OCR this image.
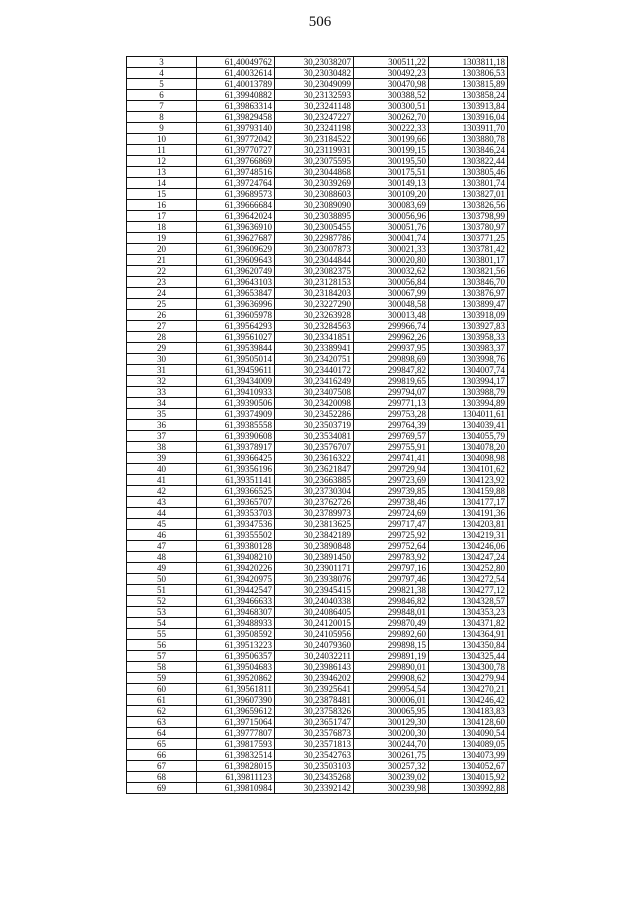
506
3	61,40049762	30,23038207	300511,22	1303811,18
4	61,40032614	30,23030482	300492,23	1303806,53
5	61,40013789	30,23049099	300470,98	1303815,89
6	61,39940882	30,23132593	300388,52	1303858,24
7	61,39863314	30,23241148	300300,51	1303913,84
8	61,39829458	30,23247227	300262,70	1303916,04
9	61,39793140	30,23241198	300222,33	1303911,70
10	61,39772042	30,23184522	300199,66	1303880,78
11	61,39770727	30,23119931	300199,15	1303846,24
12	61,39766869	30,23075595	300195,50	1303822,44
13	61,39748516	30,23044868	300175,51	1303805,46
14	61,39724764	30,23039269	300149,13	1303801,74
15	61,39689573	30,23088603	300109,20	1303827,01
16	61,39666684	30,23089090	300083,69	1303826,56
17	61,39642024	30,23038895	300056,96	1303798,99
18	61,39636910	30,23005455	300051,76	1303780,97
19	61,39627687	30,22987786	300041,74	1303771,25
20	61,39609629	30,23007873	300021,33	1303781,42
21	61,39609643	30,23044844	300020,80	1303801,17
22	61,39620749	30,23082375	300032,62	1303821,56
23	61,39643103	30,23128153	300056,84	1303846,70
24	61,39653847	30,23184203	300067,99	1303876,97
25	61,39636996	30,23227290	300048,58	1303899,47
26	61,39605978	30,23263928	300013,48	1303918,09
27	61,39564293	30,23284563	299966,74	1303927,83
28	61,39561027	30,23341851	299962,26	1303958,33
29	61,39539844	30,23389941	299937,95	1303983,37
30	61,39505014	30,23420751	299898,69	1303998,76
31	61,39459611	30,23440172	299847,82	1304007,74
32	61,39434009	30,23416249	299819,65	1303994,17
33	61,39410933	30,23407508	299794,07	1303988,79
34	61,39390506	30,23420098	299771,13	1303994,89
35	61,39374909	30,23452286	299753,28	1304011,61
36	61,39385558	30,23503719	299764,39	1304039,41
37	61,39390608	30,23534081	299769,57	1304055,79
38	61,39378917	30,23576707	299755,91	1304078,20
39	61,39366425	30,23616322	299741,41	1304098,98
40	61,39356196	30,23621847	299729,94	1304101,62
41	61,39351141	30,23663885	299723,69	1304123,92
42	61,39366525	30,23730304	299739,85	1304159,88
43	61,39365707	30,23762726	299738,46	1304177,17
44	61,39353703	30,23789973	299724,69	1304191,36
45	61,39347536	30,23813625	299717,47	1304203,81
46	61,39355502	30,23842189	299725,92	1304219,31
47	61,39380128	30,23890848	299752,64	1304246,06
48	61,39408210	30,23891450	299783,92	1304247,24
49	61,39420226	30,23901171	299797,16	1304252,80
50	61,39420975	30,23938076	299797,46	1304272,54
51	61,39442547	30,23945415	299821,38	1304277,12
52	61,39466633	30,24040338	299846,82	1304328,57
53	61,39468307	30,24086405	299848,01	1304353,23
54	61,39488933	30,24120015	299870,49	1304371,82
55	61,39508592	30,24105956	299892,60	1304364,91
56	61,39513223	30,24079360	299898,15	1304350,84
57	61,39506357	30,24032211	299891,19	1304325,44
58	61,39504683	30,23986143	299890,01	1304300,78
59	61,39520862	30,23946202	299908,62	1304279,94
60	61,39561811	30,23925641	299954,54	1304270,21
61	61,39607390	30,23878481	300006,01	1304246,42
62	61,39659612	30,23758326	300065,95	1304183,83
63	61,39715064	30,23651747	300129,30	1304128,60
64	61,39777807	30,23576873	300200,30	1304090,54
65	61,39817593	30,23571813	300244,70	1304089,05
66	61,39832514	30,23542763	300261,75	1304073,99
67	61,39828015	30,23503103	300257,32	1304052,67
68	61,39811123	30,23435268	300239,02	1304015,92
69	61,39810984	30,23392142	300239,98	1303992,88
